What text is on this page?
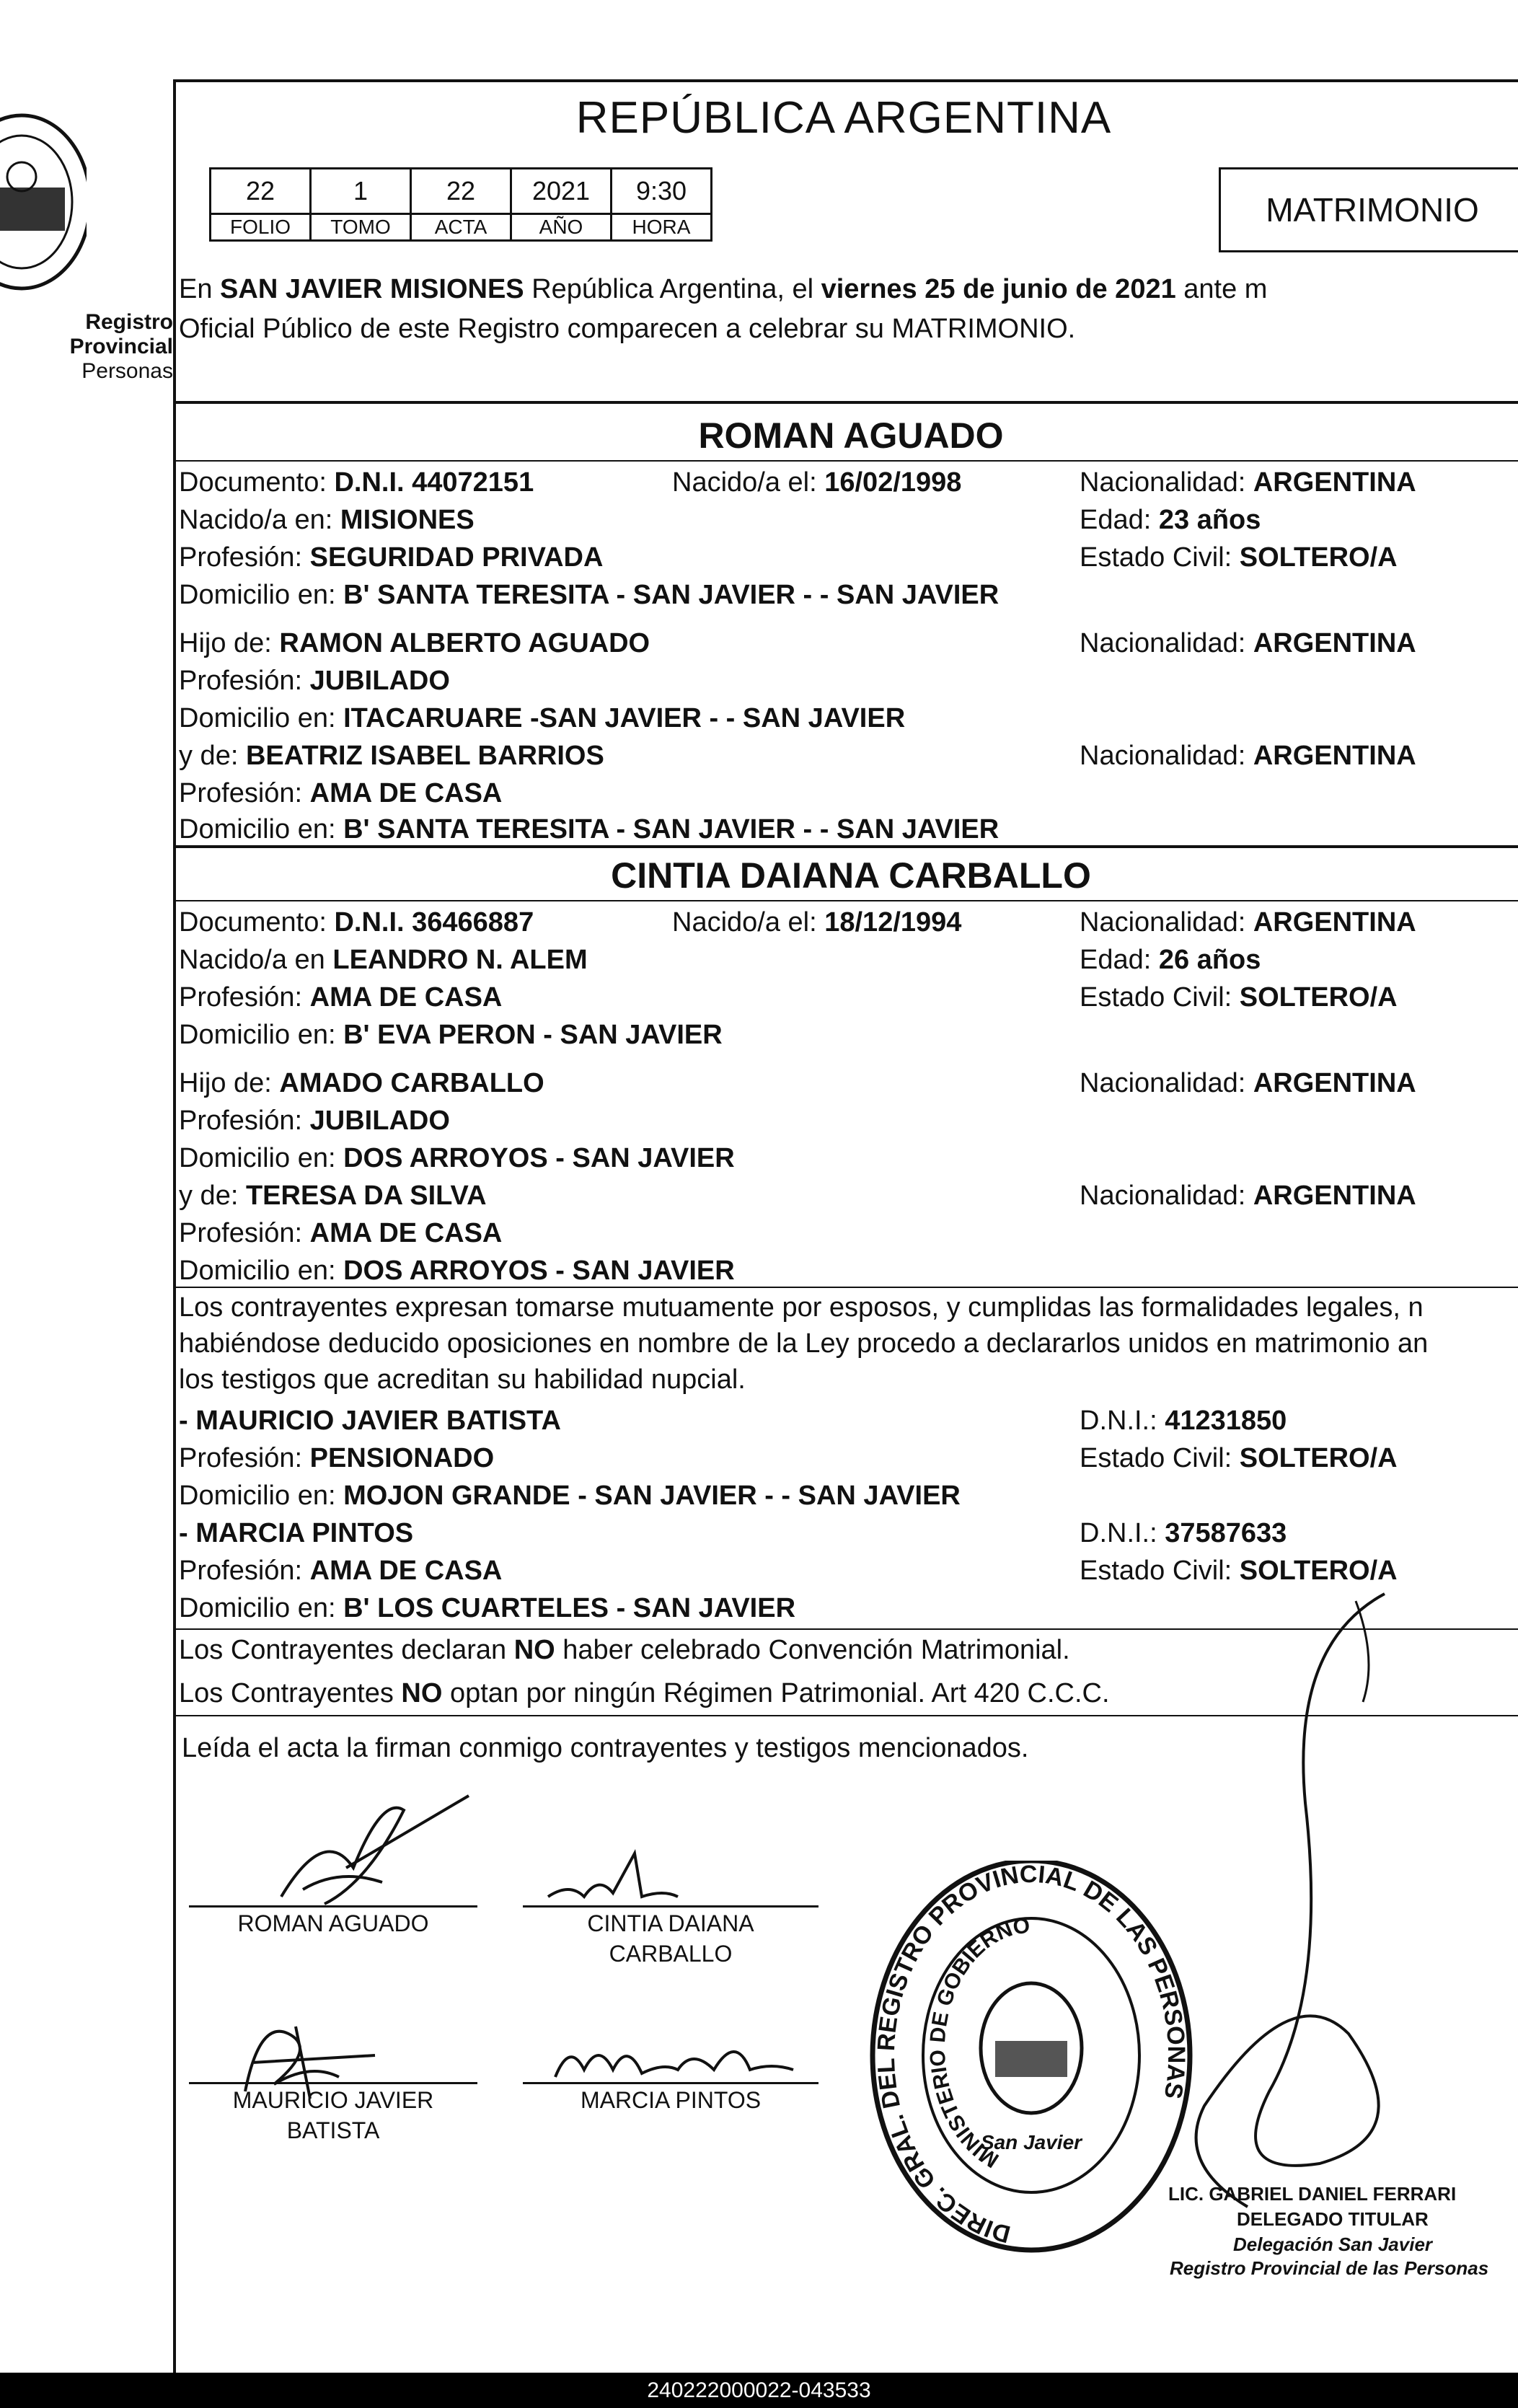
Registro Provincial
Personas
REPÚBLICA ARGENTINA
22	1	22	2021	9:30
FOLIO	TOMO	ACTA	AÑO	HORA	MATRIMONIO
En SAN JAVIER MISIONES República Argentina, el viernes 25 de junio de 2021 ante m
Oficial Público de este Registro comparecen a celebrar su MATRIMONIO.
ROMAN AGUADO
Documento: D.N.I. 44072151	Nacido/a el: 16/02/1998	Nacionalidad: ARGENTINA
Nacido/a en: MISIONES	Edad: 23 años
Profesión: SEGURIDAD PRIVADA	Estado Civil: SOLTERO/A
Domicilio en: B' SANTA TERESITA - SAN JAVIER - - SAN JAVIER
Hijo de: RAMON ALBERTO AGUADO	Nacionalidad: ARGENTINA
Profesión: JUBILADO
Domicilio en: ITACARUARE -SAN JAVIER - - SAN JAVIER
y de: BEATRIZ ISABEL BARRIOS	Nacionalidad: ARGENTINA
Profesión: AMA DE CASA
Domicilio en: B' SANTA TERESITA - SAN JAVIER - - SAN JAVIER
CINTIA DAIANA CARBALLO
Documento: D.N.I. 36466887	Nacido/a el: 18/12/1994	Nacionalidad: ARGENTINA
Nacido/a en LEANDRO N. ALEM	Edad: 26 años
Profesión: AMA DE CASA	Estado Civil: SOLTERO/A
Domicilio en: B' EVA PERON - SAN JAVIER
Hijo de: AMADO CARBALLO	Nacionalidad: ARGENTINA
Profesión: JUBILADO
Domicilio en: DOS ARROYOS - SAN JAVIER
y de: TERESA DA SILVA	Nacionalidad: ARGENTINA
Profesión: AMA DE CASA
Domicilio en: DOS ARROYOS - SAN JAVIER
Los contrayentes expresan tomarse mutuamente por esposos, y cumplidas las formalidades legales, n
habiéndose deducido oposiciones en nombre de la Ley procedo a declararlos unidos en matrimonio an
los testigos que acreditan su habilidad nupcial.
- MAURICIO JAVIER BATISTA	D.N.I.: 41231850
Profesión: PENSIONADO	Estado Civil: SOLTERO/A
Domicilio en: MOJON GRANDE - SAN JAVIER - - SAN JAVIER
- MARCIA PINTOS	D.N.I.: 37587633
Profesión: AMA DE CASA	Estado Civil: SOLTERO/A
Domicilio en: B' LOS CUARTELES - SAN JAVIER
Los Contrayentes declaran NO haber celebrado Convención Matrimonial.
Los Contrayentes NO optan por ningún Régimen Patrimonial. Art 420 C.C.C.
Leída el acta la firman conmigo contrayentes y testigos mencionados.
ROMAN AGUADO	CINTIA DAIANA
CARBALLO
MAURICIO JAVIER
BATISTA
MARCIA PINTOS
DIREC. GRAL. DEL REGISTRO PROVINCIAL DE LAS PERSONAS
MINISTERIO DE GOBIERNO
San Javier
LIC. GABRIEL DANIEL FERRARI
DELEGADO TITULAR
Delegación San Javier
Registro Provincial de las Personas
240222000022-043533
